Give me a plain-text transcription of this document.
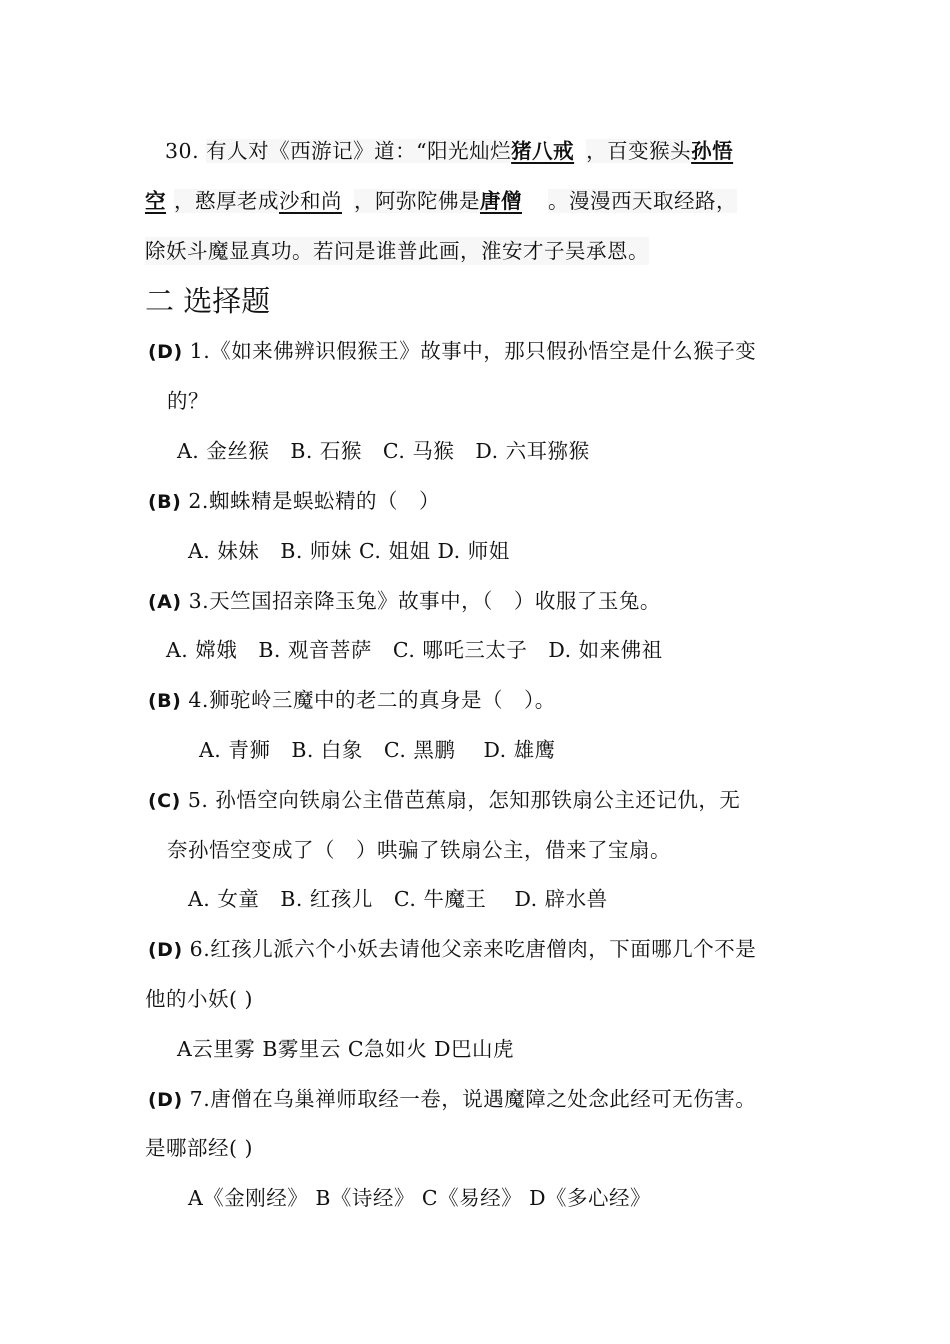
30. 有人对《西游记》道：“阳光灿烂猪八戒 ，百变猴头孙悟
空 ，憨厚老成沙和尚 ，阿弥陀佛是唐僧 。漫漫西天取经路，
除妖斗魔显真功。若问是谁普此画，淮安才子吴承恩。
二 选择题
(D) 1.《如来佛辨识假猴王》故事中，那只假孙悟空是什么猴子变
的？
A. 金丝猴　B. 石猴　C. 马猴　D. 六耳猕猴
(B) 2.蜘蛛精是蜈蚣精的（　）
A. 妹妹　B. 师妹 C. 姐姐 D. 师姐
(A) 3.天竺国招亲降玉兔》故事中，（　）收服了玉兔。
A. 嫦娥　B. 观音菩萨　C. 哪吒三太子　D. 如来佛祖
(B) 4.狮驼岭三魔中的老二的真身是（　）。
A. 青狮　B. 白象　C. 黑鹏　 D. 雄鹰
(C) 5. 孙悟空向铁扇公主借芭蕉扇，怎知那铁扇公主还记仇，无
奈孙悟空变成了（　）哄骗了铁扇公主，借来了宝扇。
A. 女童　B. 红孩儿　C. 牛魔王　 D. 辟水兽
(D) 6.红孩儿派六个小妖去请他父亲来吃唐僧肉，下面哪几个不是
他的小妖( )
A云里雾 B雾里云 C急如火 D巴山虎
(D) 7.唐僧在乌巢禅师取经一卷，说遇魔障之处念此经可无伤害。
是哪部经( )
A《金刚经》 B《诗经》 C《易经》 D《多心经》
